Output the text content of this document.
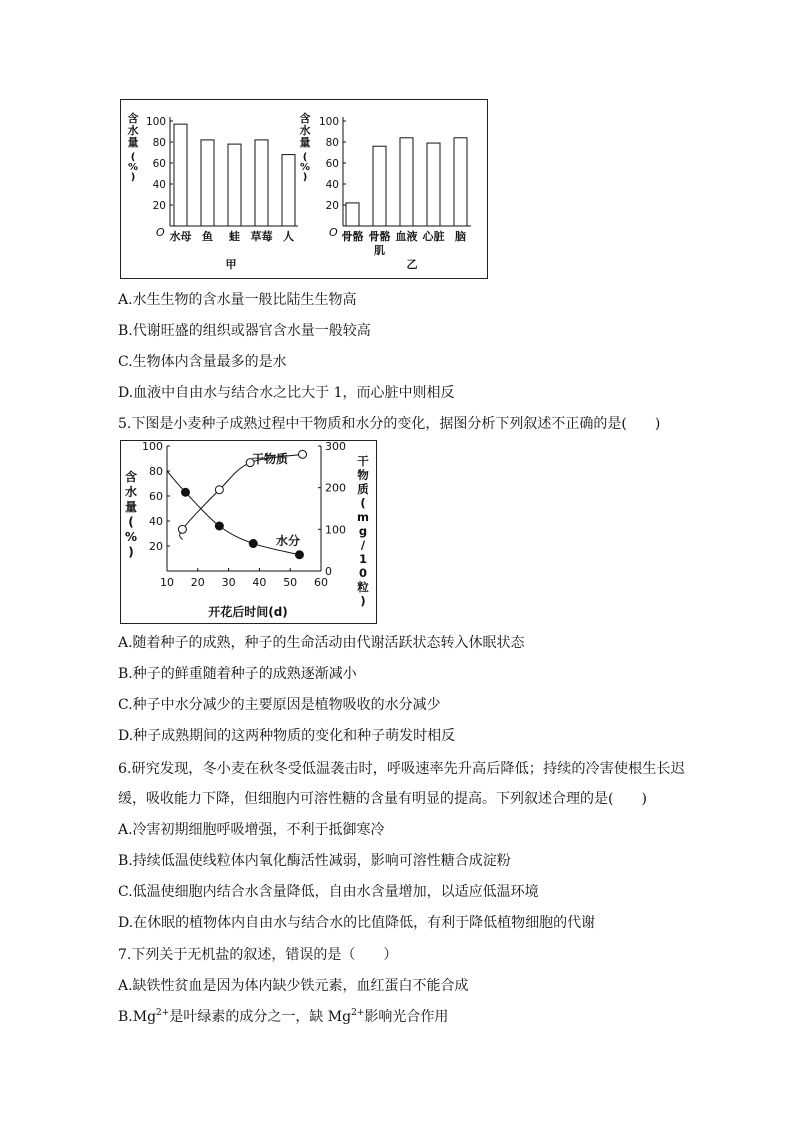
O
20
40
60
80
100
含
水
量
(
%
)
水母 鱼 蛙 草莓 人
甲
O
20
40
60
80
100
含
水
量
(
%
)
骨骼 骨骼
肌
血液 心脏 脑
乙
10 20 30 40 50 60
20
40
60
80
100
0
100
200
300
含
水
量
(
%
)
干
物
质
(
m
g
/
1
0
粒
)
开花后时间(d)
干物质
水分
A.水生生物的含水量一般比陆生生物高
B.代谢旺盛的组织或器官含水量一般较高
C.生物体内含量最多的是水
D.血液中自由水与结合水之比大于 1，而心脏中则相反
5.下图是小麦种子成熟过程中干物质和水分的变化，据图分析下列叙述不正确的是(　　)
A.随着种子的成熟，种子的生命活动由代谢活跃状态转入休眠状态
B.种子的鲜重随着种子的成熟逐渐减小
C.种子中水分减少的主要原因是植物吸收的水分减少
D.种子成熟期间的这两种物质的变化和种子萌发时相反
6.研究发现，冬小麦在秋冬受低温袭击时，呼吸速率先升高后降低；持续的冷害使根生长迟
缓，吸收能力下降，但细胞内可溶性糖的含量有明显的提高。下列叙述合理的是(　　)
A.冷害初期细胞呼吸增强，不利于抵御寒冷
B.持续低温使线粒体内氧化酶活性减弱，影响可溶性糖合成淀粉
C.低温使细胞内结合水含量降低，自由水含量增加，以适应低温环境
D.在休眠的植物体内自由水与结合水的比值降低，有利于降低植物细胞的代谢
7.下列关于无机盐的叙述，错误的是（　　）
A.缺铁性贫血是因为体内缺少铁元素，血红蛋白不能合成
$B.Mg^{2+}$是叶绿素的成分之一，缺 $Mg^{2+}$影响光合作用
